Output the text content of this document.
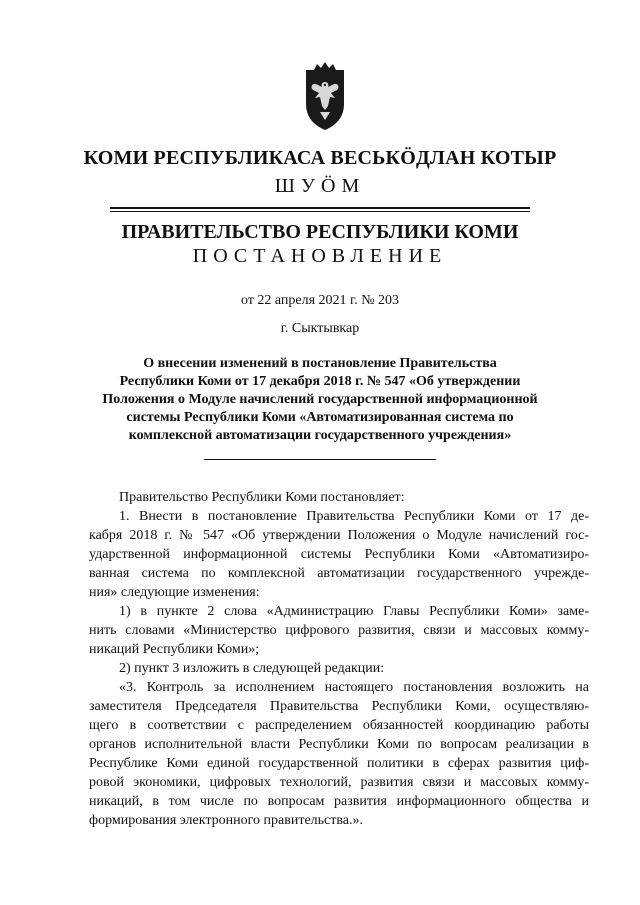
КОМИ РЕСПУБЛИКАСА ВЕСЬКӦДЛАН КОТЫР
ШУӦМ
ПРАВИТЕЛЬСТВО РЕСПУБЛИКИ КОМИ
ПОСТАНОВЛЕНИЕ
от 22 апреля 2021 г. № 203
г. Сыктывкар
О внесении изменений в постановление Правительства
Республики Коми от 17 декабря 2018 г. № 547 «Об утверждении
Положения о Модуле начислений государственной информационной
системы Республики Коми «Автоматизированная система по
комплексной автоматизации государственного учреждения»
Правительство Республики Коми постановляет:
1. Внести в постановление Правительства Республики Коми от 17 де-
кабря 2018 г. № 547 «Об утверждении Положения о Модуле начислений гос-
ударственной информационной системы Республики Коми «Автоматизиро-
ванная система по комплексной автоматизации государственного учрежде-
ния» следующие изменения:
1) в пункте 2 слова «Администрацию Главы Республики Коми» заме-
нить словами «Министерство цифрового развития, связи и массовых комму-
никаций Республики Коми»;
2) пункт 3 изложить в следующей редакции:
«3. Контроль за исполнением настоящего постановления возложить на
заместителя Председателя Правительства Республики Коми, осуществляю-
щего в соответствии с распределением обязанностей координацию работы
органов исполнительной власти Республики Коми по вопросам реализации в
Республике Коми единой государственной политики в сферах развития циф-
ровой экономики, цифровых технологий, развития связи и массовых комму-
никаций, в том числе по вопросам развития информационного общества и
формирования электронного правительства.».
